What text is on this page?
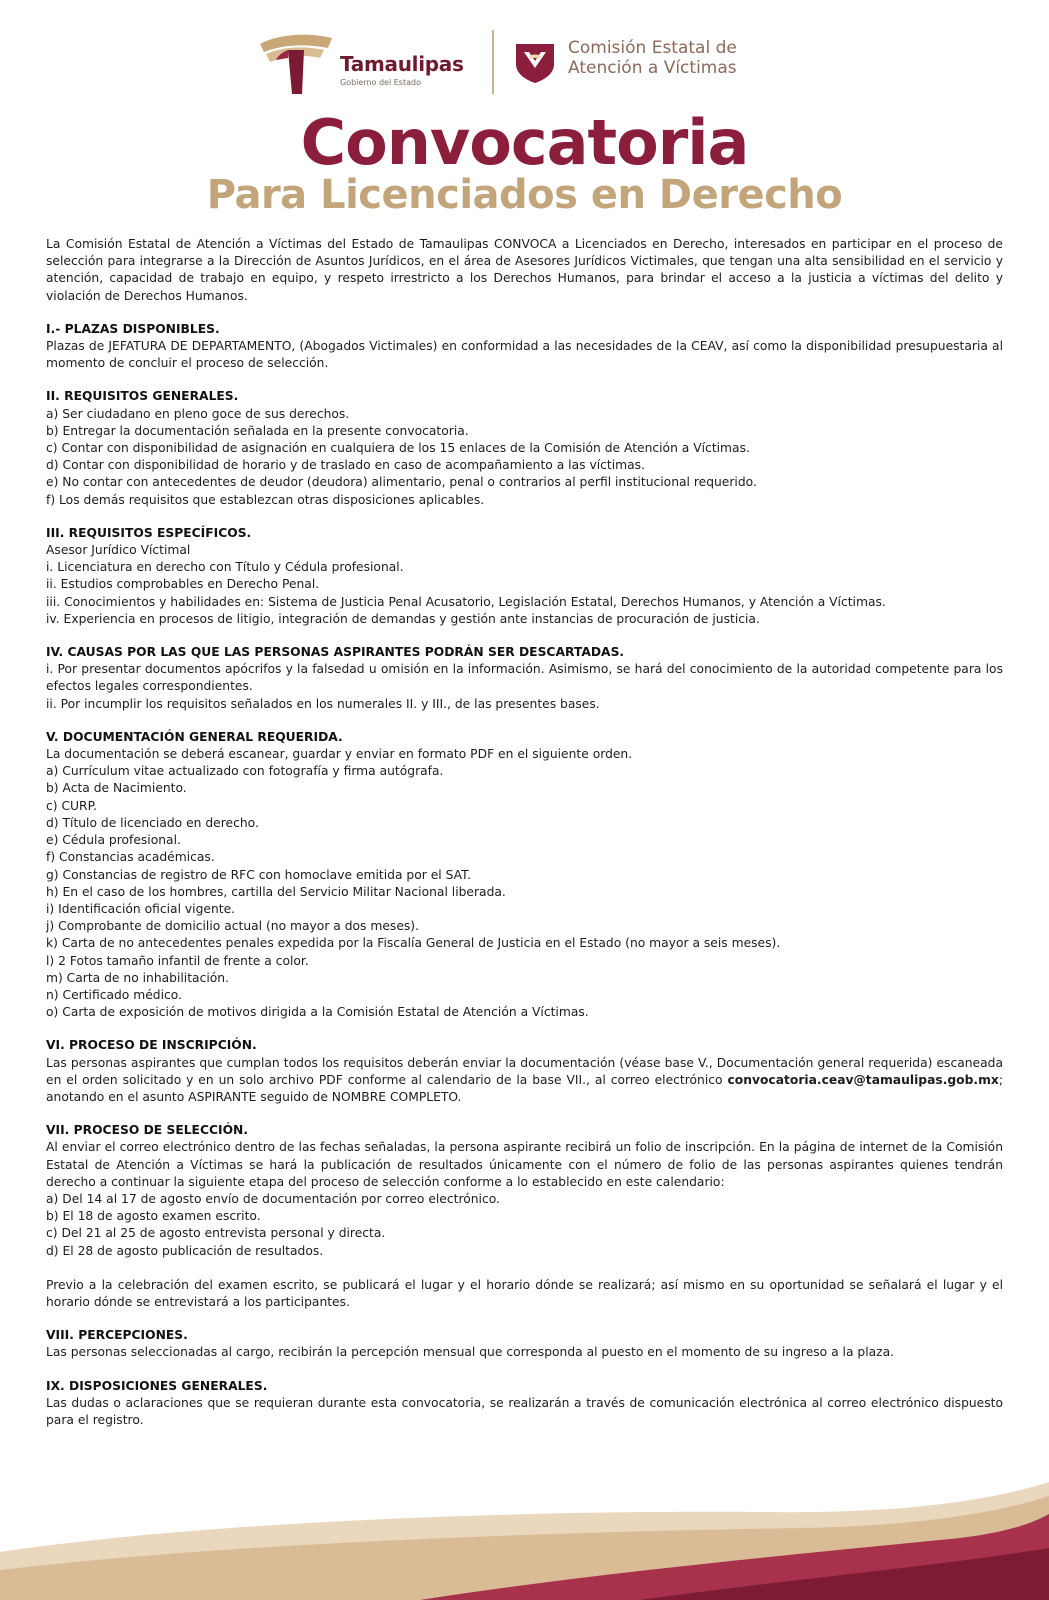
Tamaulipas
Gobierno del Estado
Comisión Estatal de
Atención a Víctimas
Convocatoria
Para Licenciados en Derecho

La Comisión Estatal de Atención a Víctimas del Estado de Tamaulipas CONVOCA a Licenciados en Derecho, interesados en participar en el proceso de selección para integrarse a la Dirección de Asuntos Jurídicos, en el área de Asesores Jurídicos Victimales, que tengan una alta sensibilidad en el servicio y atención, capacidad de trabajo en equipo, y respeto irrestricto a los Derechos Humanos, para brindar el acceso a la justicia a víctimas del delito y violación de Derechos Humanos.

I.- PLAZAS DISPONIBLES.

Plazas de JEFATURA DE DEPARTAMENTO, (Abogados Victimales) en conformidad a las necesidades de la CEAV, así como la disponibilidad presupuestaria al momento de concluir el proceso de selección.

II. REQUISITOS GENERALES.

a) Ser ciudadano en pleno goce de sus derechos.

b) Entregar la documentación señalada en la presente convocatoria.

c) Contar con disponibilidad de asignación en cualquiera de los 15 enlaces de la Comisión de Atención a Víctimas.

d) Contar con disponibilidad de horario y de traslado en caso de acompañamiento a las víctimas.

e) No contar con antecedentes de deudor (deudora) alimentario, penal o contrarios al perfil institucional requerido.

f) Los demás requisitos que establezcan otras disposiciones aplicables.

III. REQUISITOS ESPECÍFICOS.

Asesor Jurídico Víctimal

i. Licenciatura en derecho con Título y Cédula profesional.

ii. Estudios comprobables en Derecho Penal.

iii. Conocimientos y habilidades en: Sistema de Justicia Penal Acusatorio, Legislación Estatal, Derechos Humanos, y Atención a Víctimas.

iv. Experiencia en procesos de litigio, integración de demandas y gestión ante instancias de procuración de justicia.

IV. CAUSAS POR LAS QUE LAS PERSONAS ASPIRANTES PODRÁN SER DESCARTADAS.

i. Por presentar documentos apócrifos y la falsedad u omisión en la información. Asimismo, se hará del conocimiento de la autoridad competente para los efectos legales correspondientes.

ii. Por incumplir los requisitos señalados en los numerales II. y III., de las presentes bases.

V. DOCUMENTACIÓN GENERAL REQUERIDA.

La documentación se deberá escanear, guardar y enviar en formato PDF en el siguiente orden.

a) Currículum vitae actualizado con fotografía y firma autógrafa.

b) Acta de Nacimiento.

c) CURP.

d) Título de licenciado en derecho.

e) Cédula profesional.

f) Constancias académicas.

g) Constancias de registro de RFC con homoclave emitida por el SAT.

h) En el caso de los hombres, cartilla del Servicio Militar Nacional liberada.

i) Identificación oficial vigente.

j) Comprobante de domicilio actual (no mayor a dos meses).

k) Carta de no antecedentes penales expedida por la Fiscalía General de Justicia en el Estado (no mayor a seis meses).

l) 2 Fotos tamaño infantil de frente a color.

m) Carta de no inhabilitación.

n) Certificado médico.

o) Carta de exposición de motivos dirigida a la Comisión Estatal de Atención a Víctimas.

VI. PROCESO DE INSCRIPCIÓN.

Las personas aspirantes que cumplan todos los requisitos deberán enviar la documentación (véase base V., Documentación general requerida) escaneada en el orden solicitado y en un solo archivo PDF conforme al calendario de la base VII., al correo electrónico convocatoria.ceav@tamaulipas.gob.mx; anotando en el asunto ASPIRANTE seguido de NOMBRE COMPLETO.

VII. PROCESO DE SELECCIÓN.

Al enviar el correo electrónico dentro de las fechas señaladas, la persona aspirante recibirá un folio de inscripción. En la página de internet de la Comisión Estatal de Atención a Víctimas se hará la publicación de resultados únicamente con el número de folio de las personas aspirantes quienes tendrán derecho a continuar la siguiente etapa del proceso de selección conforme a lo establecido en este calendario:

a) Del 14 al 17 de agosto envío de documentación por correo electrónico.

b) El 18 de agosto examen escrito.

c) Del 21 al 25 de agosto entrevista personal y directa.

d) El 28 de agosto publicación de resultados.

Previo a la celebración del examen escrito, se publicará el lugar y el horario dónde se realizará; así mismo en su oportunidad se señalará el lugar y el horario dónde se entrevistará a los participantes.

VIII. PERCEPCIONES.

Las personas seleccionadas al cargo, recibirán la percepción mensual que corresponda al puesto en el momento de su ingreso a la plaza.

IX. DISPOSICIONES GENERALES.

Las dudas o aclaraciones que se requieran durante esta convocatoria, se realizarán a través de comunicación electrónica al correo electrónico dispuesto para el registro.
